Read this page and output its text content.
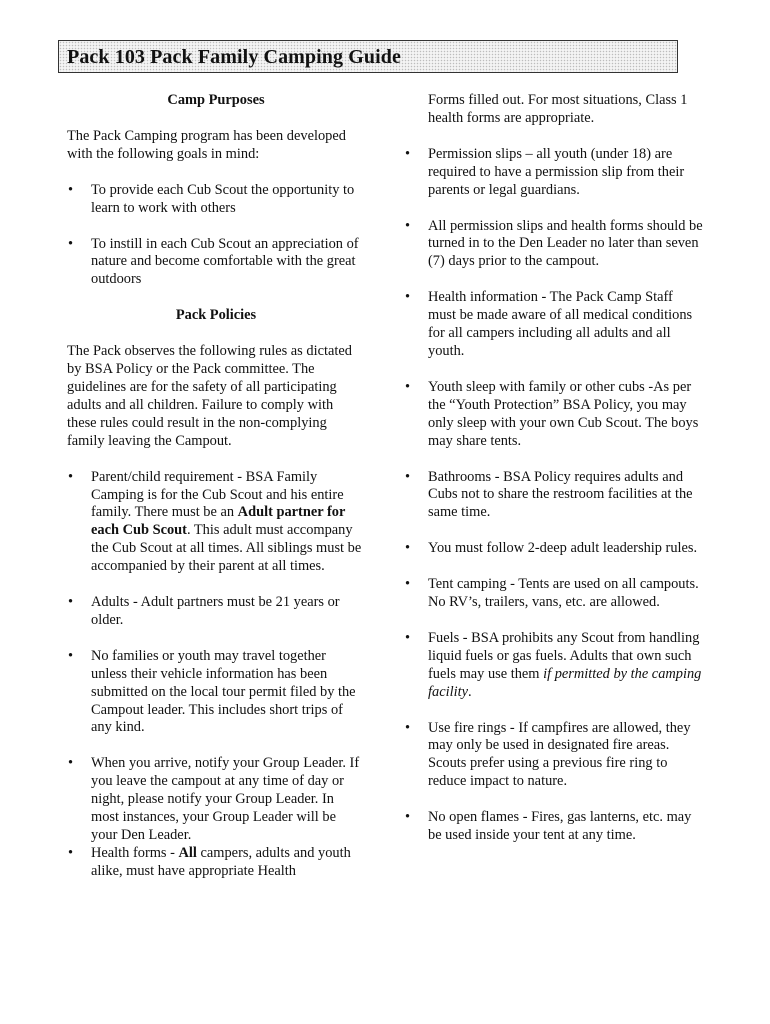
Pack 103 Pack Family Camping Guide

Camp Purposes

The Pack Camping program has been developed with the following goals in mind:

• To provide each Cub Scout the opportunity to learn to work with others
• To instill in each Cub Scout an appreciation of nature and become comfortable with the great outdoors

Pack Policies

The Pack observes the following rules as dictated by BSA Policy or the Pack committee. The guidelines are for the safety of all participating adults and all children. Failure to comply with these rules could result in the non-complying family leaving the Campout.

• Parent/child requirement - BSA Family Camping is for the Cub Scout and his entire family. There must be an Adult partner for each Cub Scout. This adult must accompany the Cub Scout at all times. All siblings must be accompanied by their parent at all times.
• Adults - Adult partners must be 21 years or older.
• No families or youth may travel together unless their vehicle information has been submitted on the local tour permit filed by the Campout leader. This includes short trips of any kind.
• When you arrive, notify your Group Leader. If you leave the campout at any time of day or night, please notify your Group Leader. In most instances, your Group Leader will be your Den Leader.
• Health forms - All campers, adults and youth alike, must have appropriate Health

Forms filled out. For most situations, Class 1 health forms are appropriate.

• Permission slips – all youth (under 18) are required to have a permission slip from their parents or legal guardians.
• All permission slips and health forms should be turned in to the Den Leader no later than seven (7) days prior to the campout.
• Health information - The Pack Camp Staff must be made aware of all medical conditions for all campers including all adults and all youth.
• Youth sleep with family or other cubs -As per the “Youth Protection” BSA Policy, you may only sleep with your own Cub Scout. The boys may share tents.
• Bathrooms - BSA Policy requires adults and Cubs not to share the restroom facilities at the same time.
• You must follow 2-deep adult leadership rules.
• Tent camping - Tents are used on all campouts. No RV’s, trailers, vans, etc. are allowed.
• Fuels - BSA prohibits any Scout from handling liquid fuels or gas fuels. Adults that own such fuels may use them if permitted by the camping facility.
• Use fire rings - If campfires are allowed, they may only be used in designated fire areas. Scouts prefer using a previous fire ring to reduce impact to nature.
• No open flames - Fires, gas lanterns, etc. may be used inside your tent at any time.
